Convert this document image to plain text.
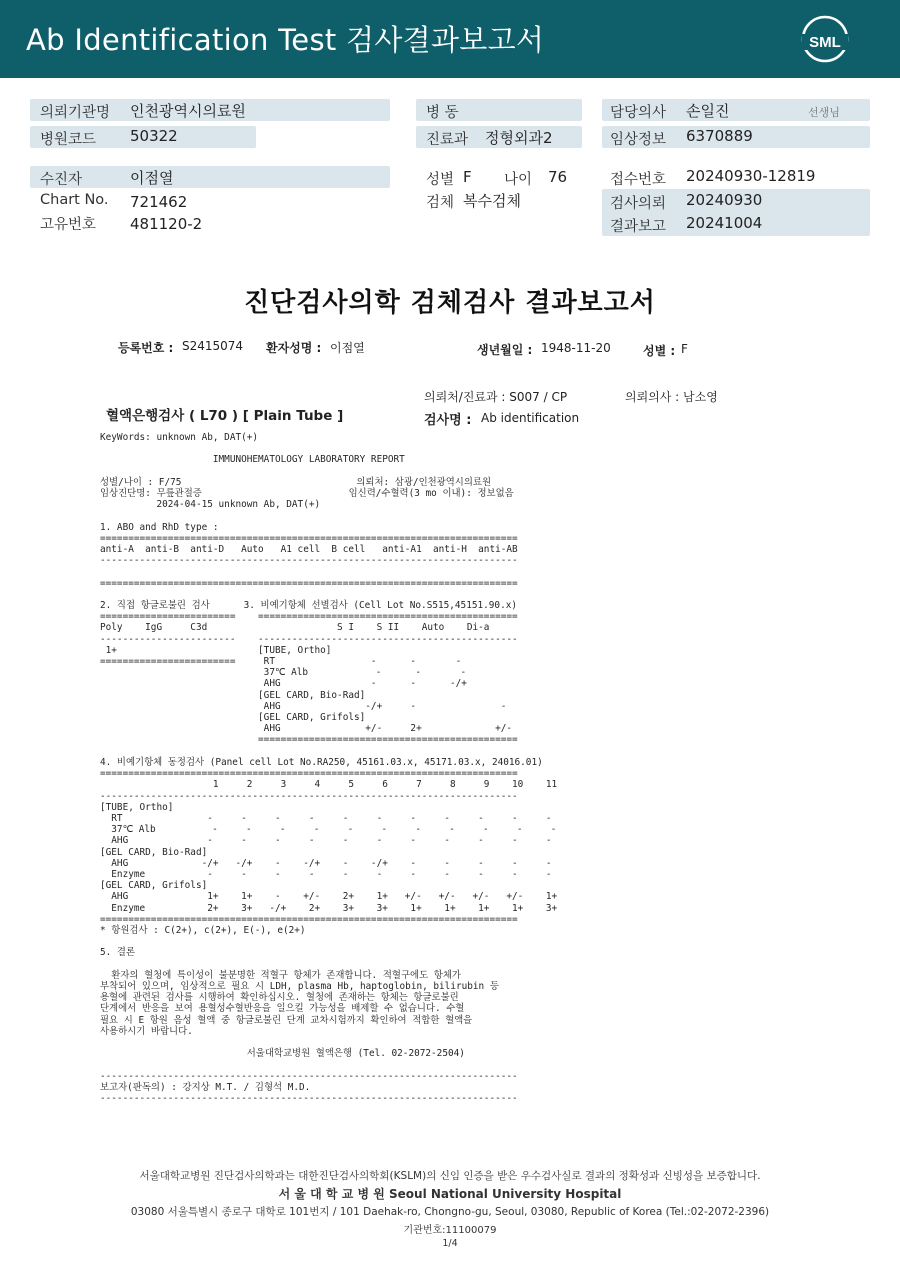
Ab Identification Test 검사결과보고서	SML
의뢰기관명 인천광역시의료원
병원코드 50322
수진자	이점열
Chart No. 721462
고유번호 481120-2
병 동
진료과 정형외과2
성별 F 나이 76
검체 복수검체
담당의사 손일진	선생님
임상정보 6370889
접수번호 20240930-12819
검사의뢰 20240930
결과보고 20241004
진단검사의학 검체검사 결과보고서
등록번호 : S2415074 환자성명 : 이점열	생년월일 : 1948-11-20	성별 : F
의뢰처/진료과 : S007 / CP	의뢰의사 : 남소영
혈액은행검사 ( L70 ) [ Plain Tube ]	검사명 : Ab identification
KeyWords: unknown Ab, DAT(+)

IMMUNOHEMATOLOGY LABORATORY REPORT

성별/나이 : F/75                               의뢰처: 삼광/인천광역시의료원
임상진단명: 무릎관절증                          임신력/수혈력(3 mo 이내): 정보없음
2024-04-15 unknown Ab, DAT(+)

1. ABO and RhD type :
==========================================================================
anti-A  anti-B  anti-D   Auto   A1 cell  B cell   anti-A1  anti-H  anti-AB
--------------------------------------------------------------------------

==========================================================================

2. 직접 항글로불린 검사      3. 비예기항체 선별검사 (Cell Lot No.S515,45151.90.x)
========================    ==============================================
Poly    IgG     C3d                       S I    S II    Auto    Di-a
------------------------    ----------------------------------------------
1+                         [TUBE, Ortho]
========================     RT                 -      -       -
37℃ Alb            -      -       -
AHG                -      -      -/+
[GEL CARD, Bio-Rad]
AHG               -/+     -               -
[GEL CARD, Grifols]
AHG               +/-     2+             +/-
==============================================

4. 비예기항체 동정검사 (Panel cell Lot No.RA250, 45161.03.x, 45171.03.x, 24016.01)
==========================================================================
1     2     3     4     5     6     7     8     9    10    11
--------------------------------------------------------------------------
[TUBE, Ortho]
RT               -     -     -     -     -     -     -     -     -     -     -
37℃ Alb          -     -     -     -     -     -     -     -     -     -     -
AHG              -     -     -     -     -     -     -     -     -     -     -
[GEL CARD, Bio-Rad]
AHG             -/+   -/+    -    -/+    -    -/+    -     -     -     -     -
Enzyme           -     -     -     -     -     -     -     -     -     -     -
[GEL CARD, Grifols]
AHG              1+    1+    -    +/-    2+    1+   +/-   +/-   +/-   +/-    1+
Enzyme           2+    3+   -/+    2+    3+    3+    1+    1+    1+    1+    3+
==========================================================================
* 항원검사 : C(2+), c(2+), E(-), e(2+)

5. 결론

환자의 혈청에 특이성이 불분명한 적혈구 항체가 존재합니다. 적혈구에도 항체가
부착되어 있으며, 임상적으로 필요 시 LDH, plasma Hb, haptoglobin, bilirubin 등
용혈에 관련된 검사를 시행하여 확인하십시오. 혈청에 존재하는 항체는 항글로불린
단계에서 반응을 보여 용혈성수혈반응을 일으킬 가능성을 배제할 수 없습니다. 수혈
필요 시 E 항원 음성 혈액 중 항글로불린 단계 교차시험까지 확인하여 적합한 혈액을
사용하시기 바랍니다.

서울대학교병원 혈액은행 (Tel. 02-2072-2504)

--------------------------------------------------------------------------
보고자(판독의) : 강지상 M.T. / 김형석 M.D.
--------------------------------------------------------------------------
서울대학교병원 진단검사의학과는 대한진단검사의학회(KSLM)의 신임 인증을 받은 우수검사실로 결과의 정확성과 신빙성을 보증합니다.
서 울 대 학 교 병 원 Seoul National University Hospital
03080 서울특별시 종로구 대학로 101번지 / 101 Daehak-ro, Chongno-gu, Seoul, 03080, Republic of Korea (Tel.:02-2072-2396)
기관번호:11100079
1/4
